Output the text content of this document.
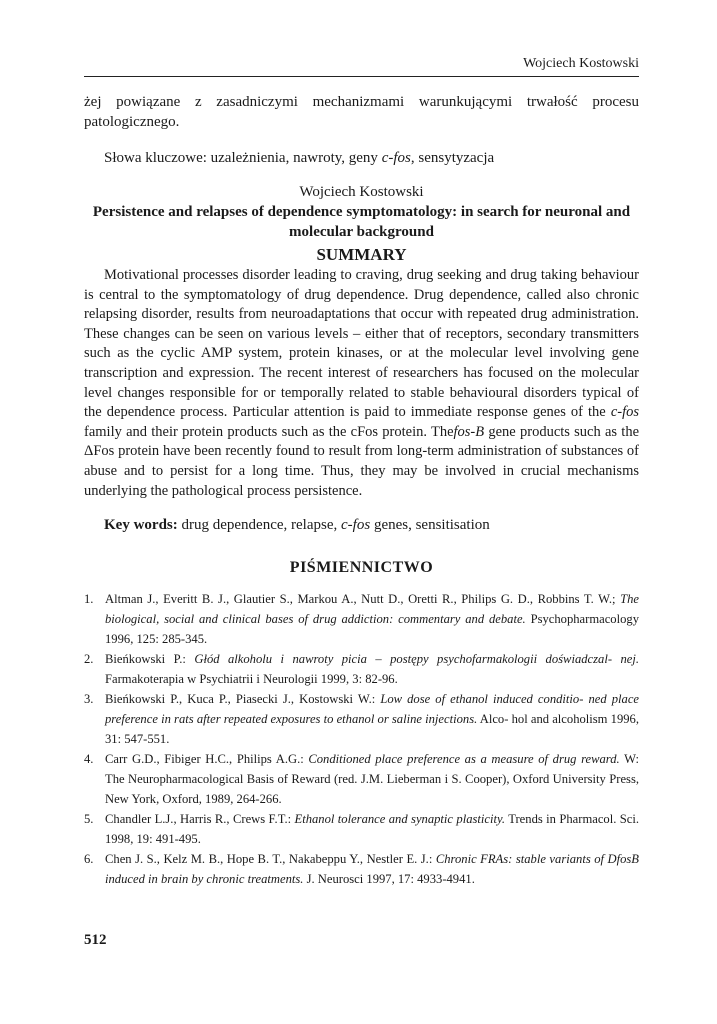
Wojciech Kostowski

żej powiązane z zasadniczymi mechanizmami warunkującymi trwałość procesu patologicznego.

Słowa kluczowe: uzależnienia, nawroty, geny c-fos, sensytyzacja

Wojciech Kostowski

Persistence and relapses of dependence symptomatology: in search for neuronal and molecular background

SUMMARY

Motivational processes disorder leading to craving, drug seeking and drug taking behaviour is central to the symptomatology of drug dependence. Drug dependence, called also chronic relapsing disorder, results from neuroadaptations that occur with repeated drug administration. These changes can be seen on various levels – either that of receptors, secondary transmitters such as the cyclic AMP system, protein kinases, or at the molecular level involving gene transcription and expression. The recent interest of researchers has focused on the molecular level changes responsible for or temporally related to stable behavioural disorders typical of the dependence process. Particular attention is paid to immediate response genes of the c-fos family and their protein products such as the cFos protein. Thefos-B gene products such as the ΔFos protein have been recently found to result from long-term administration of substances of abuse and to persist for a long time. Thus, they may be involved in crucial mechanisms underlying the pathological process persistence.

Key words: drug dependence, relapse, c-fos genes, sensitisation

PIŚMIENNICTWO

1. Altman J., Everitt B. J., Glautier S., Markou A., Nutt D., Oretti R., Philips G. D., Robbins T. W.; The biological, social and clinical bases of drug addiction: commentary and debate. Psychopharmacology 1996, 125: 285-345.
2. Bieńkowski P.: Głód alkoholu i nawroty picia – postępy psychofarmakologii doświadczal- nej. Farmakoterapia w Psychiatrii i Neurologii 1999, 3: 82-96.
3. Bieńkowski P., Kuca P., Piasecki J., Kostowski W.: Low dose of ethanol induced conditio- ned place preference in rats after repeated exposures to ethanol or saline injections. Alco- hol and alcoholism 1996, 31: 547-551.
4. Carr G.D., Fibiger H.C., Philips A.G.: Conditioned place preference as a measure of drug reward. W: The Neuropharmacological Basis of Reward (red. J.M. Lieberman i S. Cooper), Oxford University Press, New York, Oxford, 1989, 264-266.
5. Chandler L.J., Harris R., Crews F.T.: Ethanol tolerance and synaptic plasticity. Trends in Pharmacol. Sci. 1998, 19: 491-495.
6. Chen J. S., Kelz M. B., Hope B. T., Nakabeppu Y., Nestler E. J.: Chronic FRAs: stable variants of DfosB induced in brain by chronic treatments. J. Neurosci 1997, 17: 4933-4941.
512
